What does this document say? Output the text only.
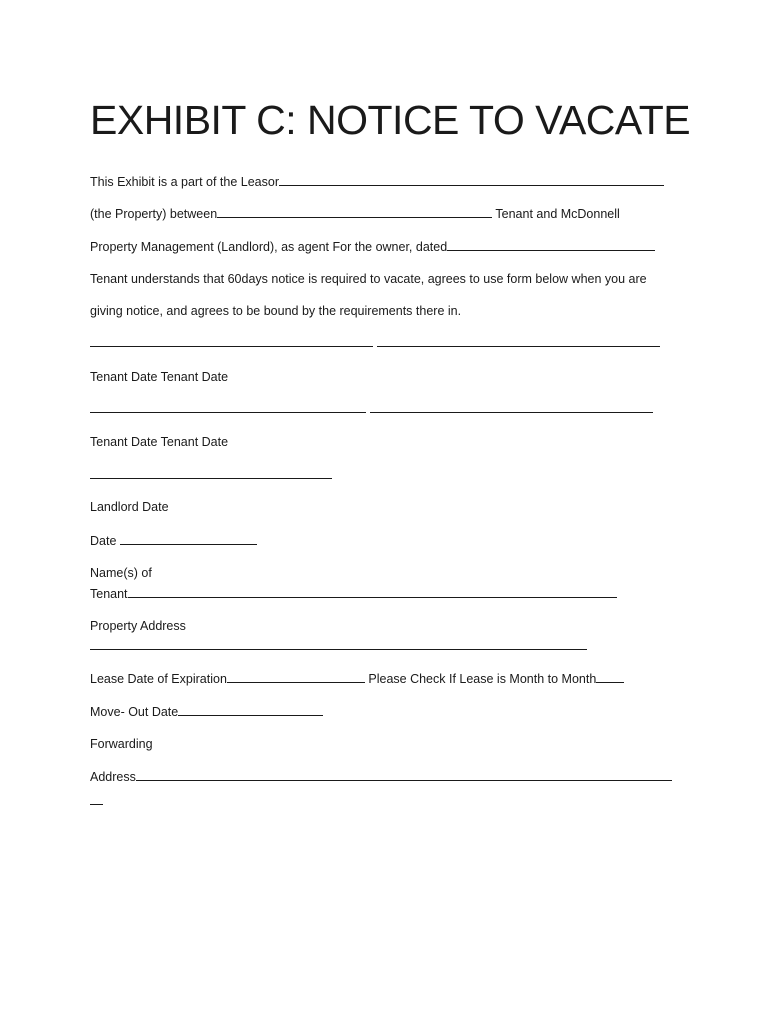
EXHIBIT C: NOTICE TO VACATE
This Exhibit is a part of the Leasor
(the Property) between	Tenant and McDonnell
Property Management (Landlord), as agent For the owner, dated
Tenant understands that 60days notice is required to vacate, agrees to use form below when you are
giving notice, and agrees to be bound by the requirements there in.
Tenant Date Tenant Date
Tenant Date Tenant Date
Landlord Date
Date
Name(s) of
Tenant
Property Address
Lease Date of Expiration	Please Check If Lease is Month to Month
Move- Out Date
Forwarding
Address
